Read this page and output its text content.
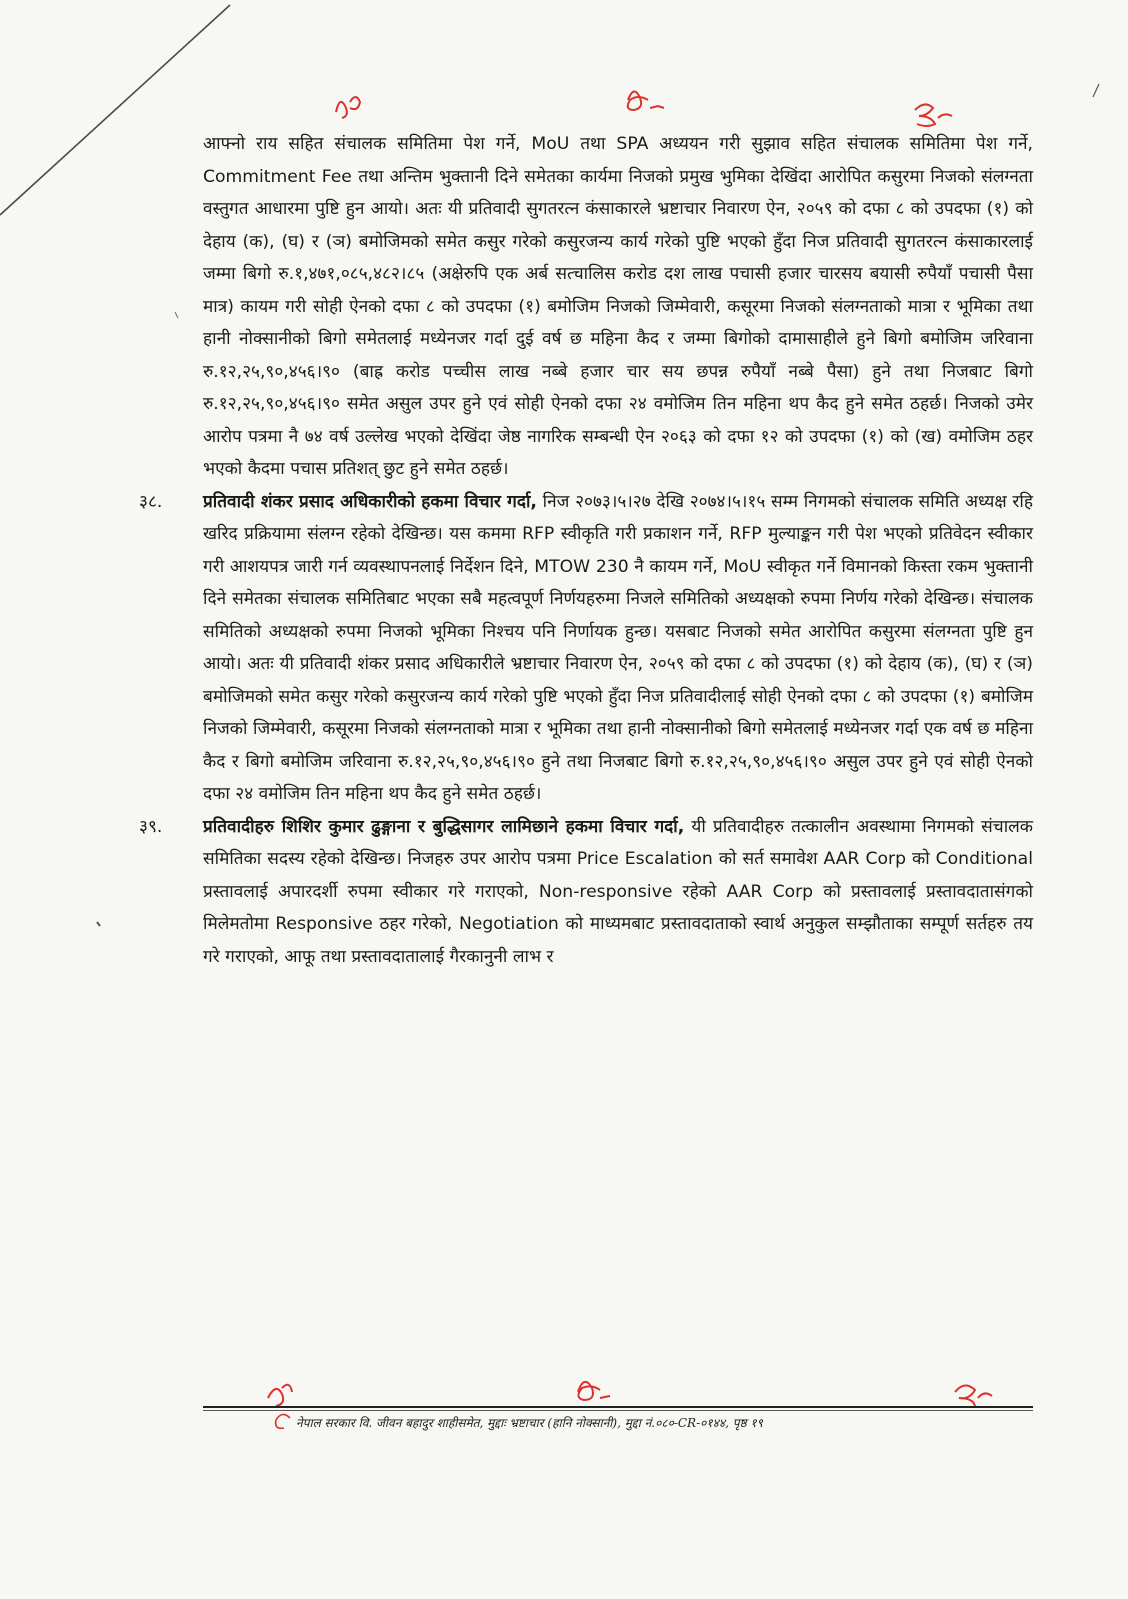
आफ्नो राय सहित संचालक समितिमा पेश गर्ने, MoU तथा SPA अध्ययन गरी सुझाव सहित संचालक समितिमा पेश गर्ने, Commitment Fee तथा अन्तिम भुक्तानी दिने समेतका कार्यमा निजको प्रमुख भुमिका देखिंदा आरोपित कसुरमा निजको संलग्नता वस्तुगत आधारमा पुष्टि हुन आयो। अतः यी प्रतिवादी सुगतरत्न कंसाकारले भ्रष्टाचार निवारण ऐन, २०५९ को दफा ८ को उपदफा (१) को देहाय (क), (घ) र (ञ) बमोजिमको समेत कसुर गरेको कसुरजन्य कार्य गरेको पुष्टि भएको हुँदा निज प्रतिवादी सुगतरत्न कंसाकारलाई जम्मा बिगो रु.१,४७१,०८५,४८२।८५ (अक्षेरुपि एक अर्ब सत्चालिस करोड दश लाख पचासी हजार चारसय बयासी रुपैयाँ पचासी पैसा मात्र) कायम गरी सोही ऐनको दफा ८ को उपदफा (१) बमोजिम निजको जिम्मेवारी, कसूरमा निजको संलग्नताको मात्रा र भूमिका तथा हानी नोक्सानीको बिगो समेतलाई मध्येनजर गर्दा दुई वर्ष छ महिना कैद र जम्मा बिगोको दामासाहीले हुने बिगो बमोजिम जरिवाना रु.१२,२५,९०,४५६।९० (बाह्र करोड पच्चीस लाख नब्बे हजार चार सय छपन्न रुपैयाँ नब्बे पैसा) हुने तथा निजबाट बिगो रु.१२,२५,९०,४५६।९० समेत असुल उपर हुने एवं सोही ऐनको दफा २४ वमोजिम तिन महिना थप कैद हुने समेत ठहर्छ। निजको उमेर आरोप पत्रमा नै ७४ वर्ष उल्लेख भएको देखिंदा जेष्ठ नागरिक सम्बन्धी ऐन २०६३ को दफा १२ को उपदफा (१) को (ख) वमोजिम ठहर भएको कैदमा पचास प्रतिशत् छुट हुने समेत ठहर्छ।

३८. प्रतिवादी शंकर प्रसाद अधिकारीको हकमा विचार गर्दा, निज २०७३।५।२७ देखि २०७४।५।१५ सम्म निगमको संचालक समिति अध्यक्ष रहि खरिद प्रक्रियामा संलग्न रहेको देखिन्छ। यस कममा RFP स्वीकृति गरी प्रकाशन गर्ने, RFP मुल्याङ्कन गरी पेश भएको प्रतिवेदन स्वीकार गरी आशयपत्र जारी गर्न व्यवस्थापनलाई निर्देशन दिने, MTOW 230 नै कायम गर्ने, MoU स्वीकृत गर्ने विमानको किस्ता रकम भुक्तानी दिने समेतका संचालक समितिबाट भएका सबै महत्वपूर्ण निर्णयहरुमा निजले समितिको अध्यक्षको रुपमा निर्णय गरेको देखिन्छ। संचालक समितिको अध्यक्षको रुपमा निजको भूमिका निश्चय पनि निर्णायक हुन्छ। यसबाट निजको समेत आरोपित कसुरमा संलग्नता पुष्टि हुन आयो। अतः यी प्रतिवादी शंकर प्रसाद अधिकारीले भ्रष्टाचार निवारण ऐन, २०५९ को दफा ८ को उपदफा (१) को देहाय (क), (घ) र (ञ) बमोजिमको समेत कसुर गरेको कसुरजन्य कार्य गरेको पुष्टि भएको हुँदा निज प्रतिवादीलाई सोही ऐनको दफा ८ को उपदफा (१) बमोजिम निजको जिम्मेवारी, कसूरमा निजको संलग्नताको मात्रा र भूमिका तथा हानी नोक्सानीको बिगो समेतलाई मध्येनजर गर्दा एक वर्ष छ महिना कैद र बिगो बमोजिम जरिवाना रु.१२,२५,९०,४५६।९० हुने तथा निजबाट बिगो रु.१२,२५,९०,४५६।९० असुल उपर हुने एवं सोही ऐनको दफा २४ वमोजिम तिन महिना थप कैद हुने समेत ठहर्छ।

३९. प्रतिवादीहरु शिशिर कुमार ढुङ्गाना र बुद्धिसागर लामिछाने हकमा विचार गर्दा, यी प्रतिवादीहरु तत्कालीन अवस्थामा निगमको संचालक समितिका सदस्य रहेको देखिन्छ। निजहरु उपर आरोप पत्रमा Price Escalation को सर्त समावेश AAR Corp को Conditional प्रस्तावलाई अपारदर्शी रुपमा स्वीकार गरे गराएको, Non-responsive रहेको AAR Corp को प्रस्तावलाई प्रस्तावदातासंगको मिलेमतोमा Responsive ठहर गरेको, Negotiation को माध्यमबाट प्रस्तावदाताको स्वार्थ अनुकुल सम्झौताका सम्पूर्ण सर्तहरु तय गरे गराएको, आफू तथा प्रस्तावदातालाई गैरकानुनी लाभ र

नेपाल सरकार वि. जीवन बहादुर शाहीसमेत, मुद्दाः भ्रष्टाचार (हानि नोक्सानी), मुद्दा नं.०८०-CR-०१४४, पृष्ठ १९
